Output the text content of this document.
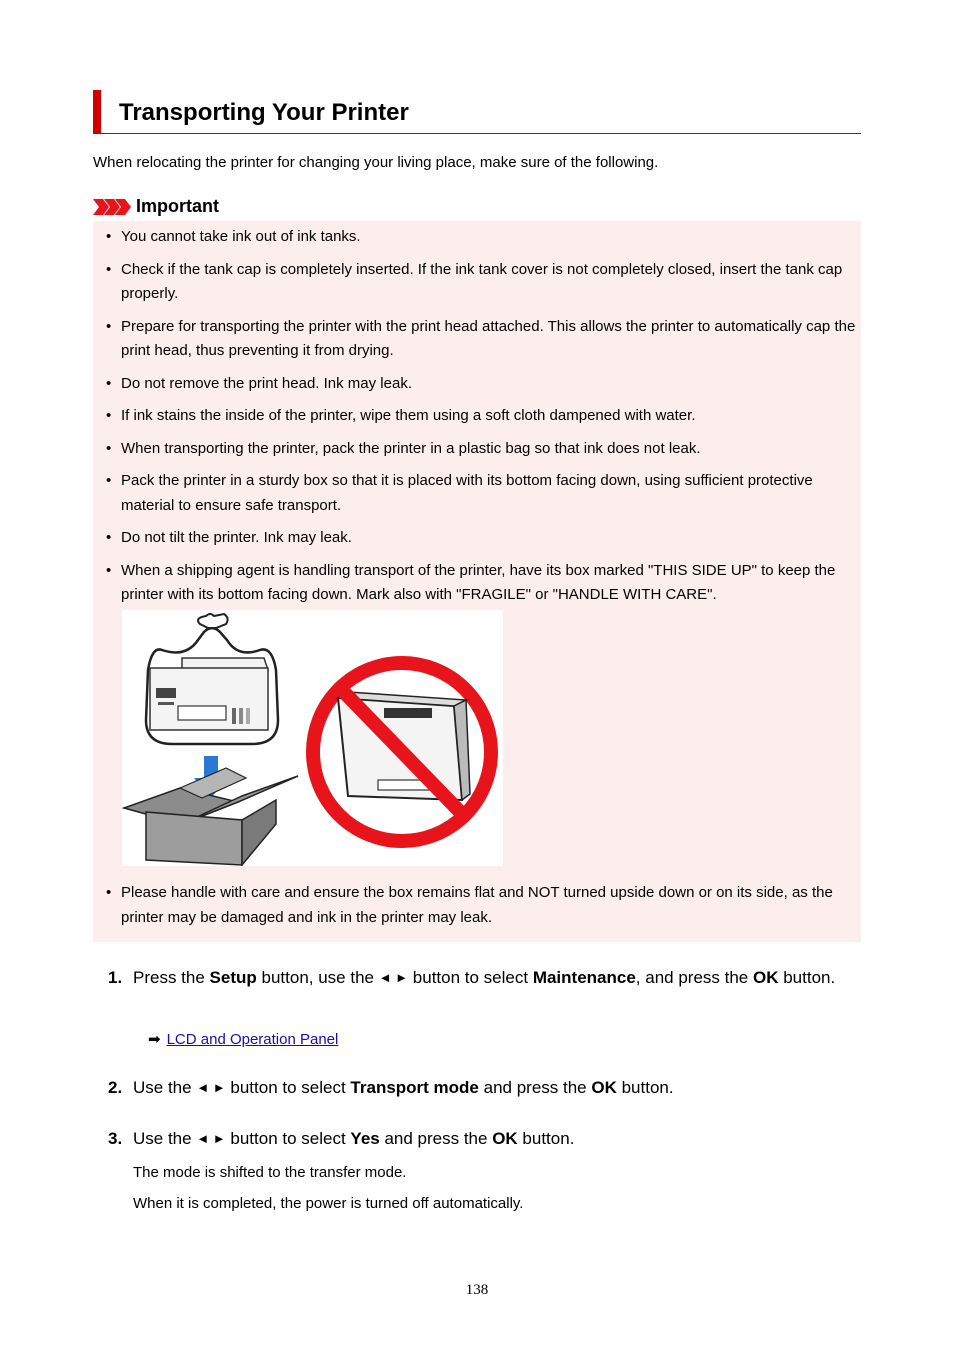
Transporting Your Printer

When relocating the printer for changing your living place, make sure of the following.

Important
• You cannot take ink out of ink tanks.
• Check if the tank cap is completely inserted. If the ink tank cover is not completely closed, insert the tank cap properly.
• Prepare for transporting the printer with the print head attached. This allows the printer to automatically cap the print head, thus preventing it from drying.
• Do not remove the print head. Ink may leak.
• If ink stains the inside of the printer, wipe them using a soft cloth dampened with water.
• When transporting the printer, pack the printer in a plastic bag so that ink does not leak.
• Pack the printer in a sturdy box so that it is placed with its bottom facing down, using sufficient protective material to ensure safe transport.
• Do not tilt the printer. Ink may leak.
• When a shipping agent is handling transport of the printer, have its box marked "THIS SIDE UP" to keep the printer with its bottom facing down. Mark also with "FRAGILE" or "HANDLE WITH CARE".
• Please handle with care and ensure the box remains flat and NOT turned upside down or on its side, as the printer may be damaged and ink in the printer may leak.
1. Press the Setup button, use the ◄ ► button to select Maintenance, and press the OK button.
➡ LCD and Operation Panel
2. Use the ◄ ► button to select Transport mode and press the OK button.
3. Use the ◄ ► button to select Yes and press the OK button.

The mode is shifted to the transfer mode.

When it is completed, the power is turned off automatically.

138
